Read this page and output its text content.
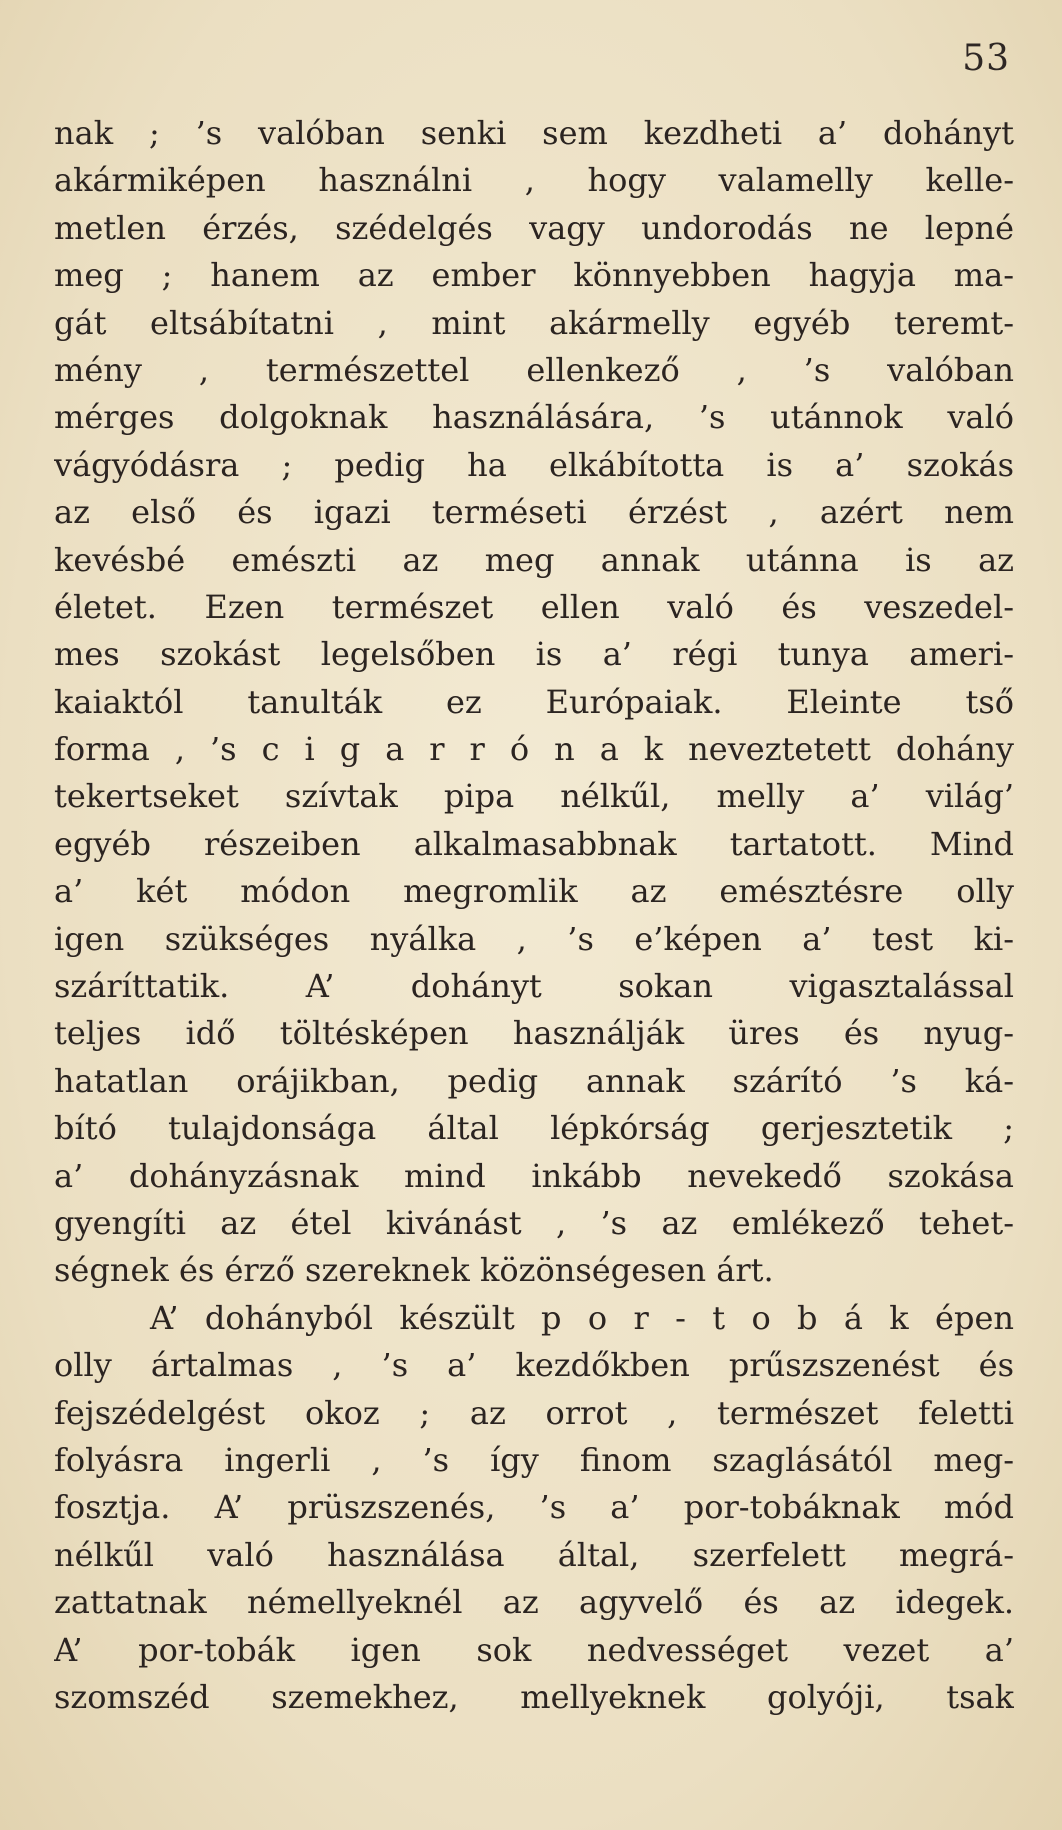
53
nak ; ’s valóban senki sem kezdheti a’ dohányt
akármiképen használni , hogy valamelly kelle-
metlen érzés, szédelgés vagy undorodás ne lepné
meg ; hanem az ember könnyebben hagyja ma-
gát eltsábítatni , mint akármelly egyéb teremt-
mény , természettel ellenkező , ’s valóban
mérges dolgoknak használására, ’s utánnok való
vágyódásra ; pedig ha elkábította is a’ szokás
az első és igazi terméseti érzést , azért nem
kevésbé emészti az meg annak utánna is az
életet. Ezen természet ellen való és veszedel-
mes szokást legelsőben is a’ régi tunya ameri-
kaiaktól tanulták ez Európaiak. Eleinte tső
forma , ’s c i g a r r ó n a k neveztetett dohány
tekertseket szívtak pipa nélkűl, melly a’ világ’
egyéb részeiben alkalmasabbnak tartatott. Mind
a’ két módon megromlik az emésztésre olly
igen szükséges nyálka , ’s e’képen a’ test ki-
száríttatik. A’ dohányt sokan vigasztalással
teljes idő töltésképen használják üres és nyug-
hatatlan orájikban, pedig annak szárító ’s ká-
bító tulajdonsága által lépkórság gerjesztetik ;
a’ dohányzásnak mind inkább nevekedő szokása
gyengíti az étel kivánást , ’s az emlékező tehet-
ségnek és érző szereknek közönségesen árt.
A’ dohányból készült p o r - t o b á k épen
olly ártalmas , ’s a’ kezdőkben prűszszenést és
fejszédelgést okoz ; az orrot , természet feletti
folyásra ingerli , ’s így finom szaglásától meg-
fosztja. A’ prüszszenés, ’s a’ por-tobáknak mód
nélkűl való használása által, szerfelett megrá-
zattatnak némellyeknél az agyvelő és az idegek.
A’ por-tobák igen sok nedvességet vezet a’
szomszéd szemekhez, mellyeknek golyóji, tsak
